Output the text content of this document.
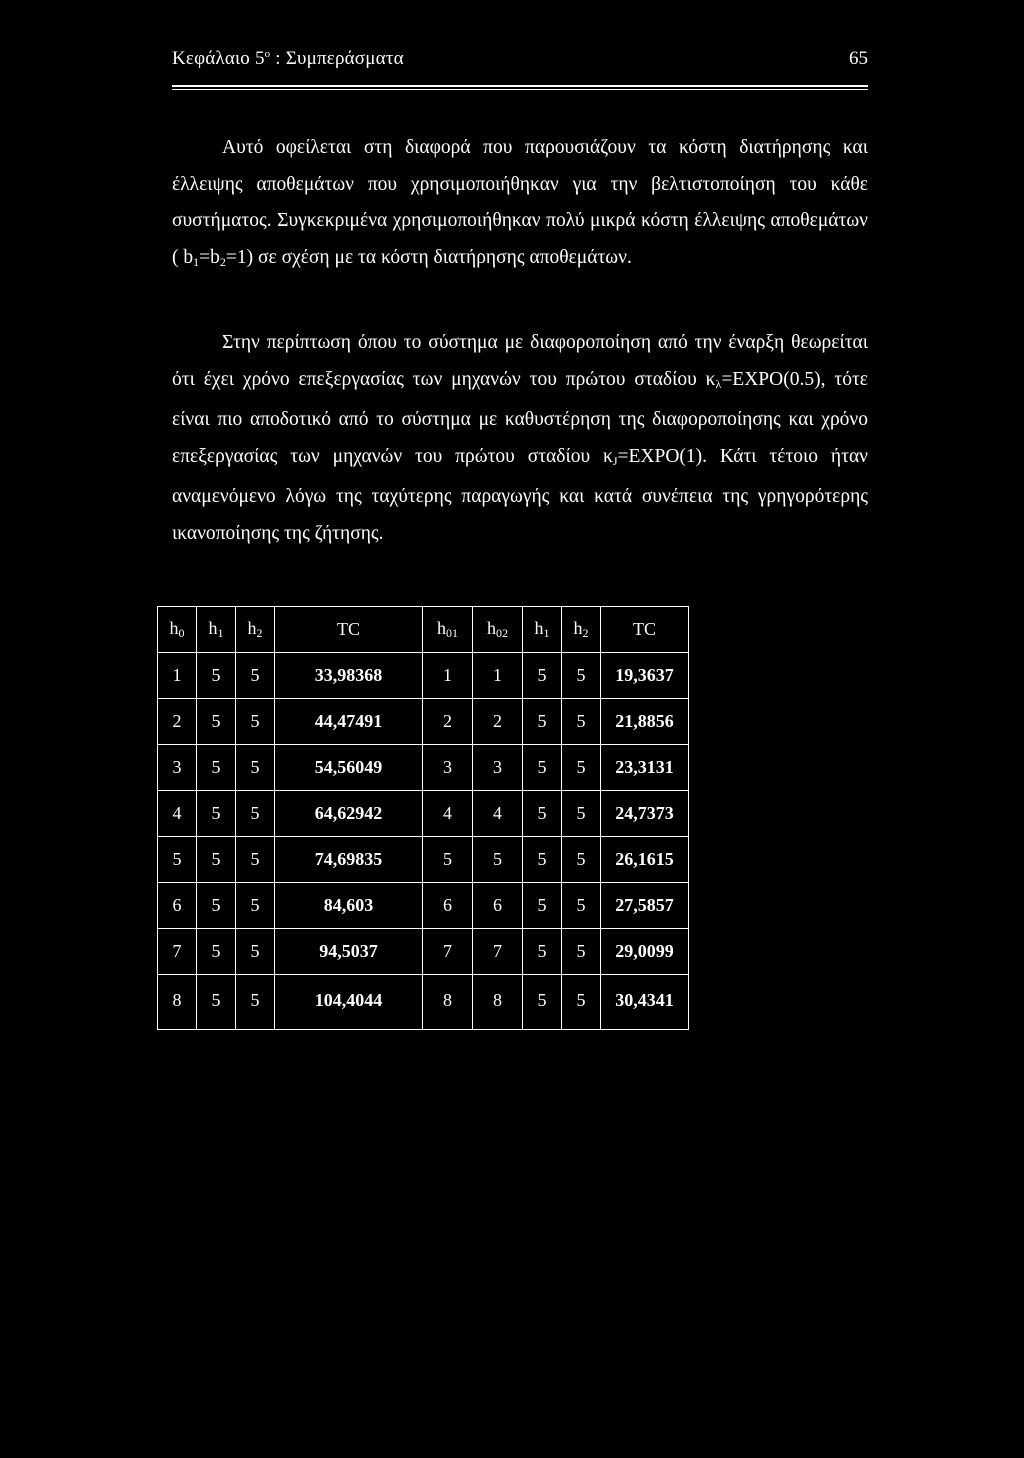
Κεφάλαιο $5^o$ : Συμπεράσματα	65

Αυτό οφείλεται στη διαφορά που παρουσιάζουν τα κόστη διατήρησης και έλλειψης αποθεμάτων που χρησιμοποιήθηκαν για την βελτιστοποίηση του κάθε συστήματος. Συγκεκριμένα χρησιμοποιήθηκαν πολύ μικρά κόστη έλλειψης αποθεμάτων ( $b_1=b_2=1$) σε σχέση με τα κόστη διατήρησης αποθεμάτων.

Στην περίπτωση όπου το σύστημα με διαφοροποίηση από την έναρξη θεωρείται ότι έχει χρόνο επεξεργασίας των μηχανών του πρώτου σταδίου $\kappa_\lambda=EXPO(0.5)$, τότε είναι πιο αποδοτικό από το σύστημα με καθυστέρηση της διαφοροποίησης και χρόνο επεξεργασίας των μηχανών του πρώτου σταδίου $\kappa_J=EXPO(1)$. Κάτι τέτοιο ήταν αναμενόμενο λόγω της ταχύτερης παραγωγής και κατά συνέπεια της γρηγορότερης ικανοποίησης της ζήτησης.

$h_0$	$h_1$	$h_2$	TC	$h_{01}$	$h_{02}$	$h_1$	$h_2$	TC
1	5	5	33,98368	1	1	5	5	19,3637
2	5	5	44,47491	2	2	5	5	21,8856
3	5	5	54,56049	3	3	5	5	23,3131
4	5	5	64,62942	4	4	5	5	24,7373
5	5	5	74,69835	5	5	5	5	26,1615
6	5	5	84,603	6	6	5	5	27,5857
7	5	5	94,5037	7	7	5	5	29,0099
8	5	5	104,4044	8	8	5	5	30,4341
